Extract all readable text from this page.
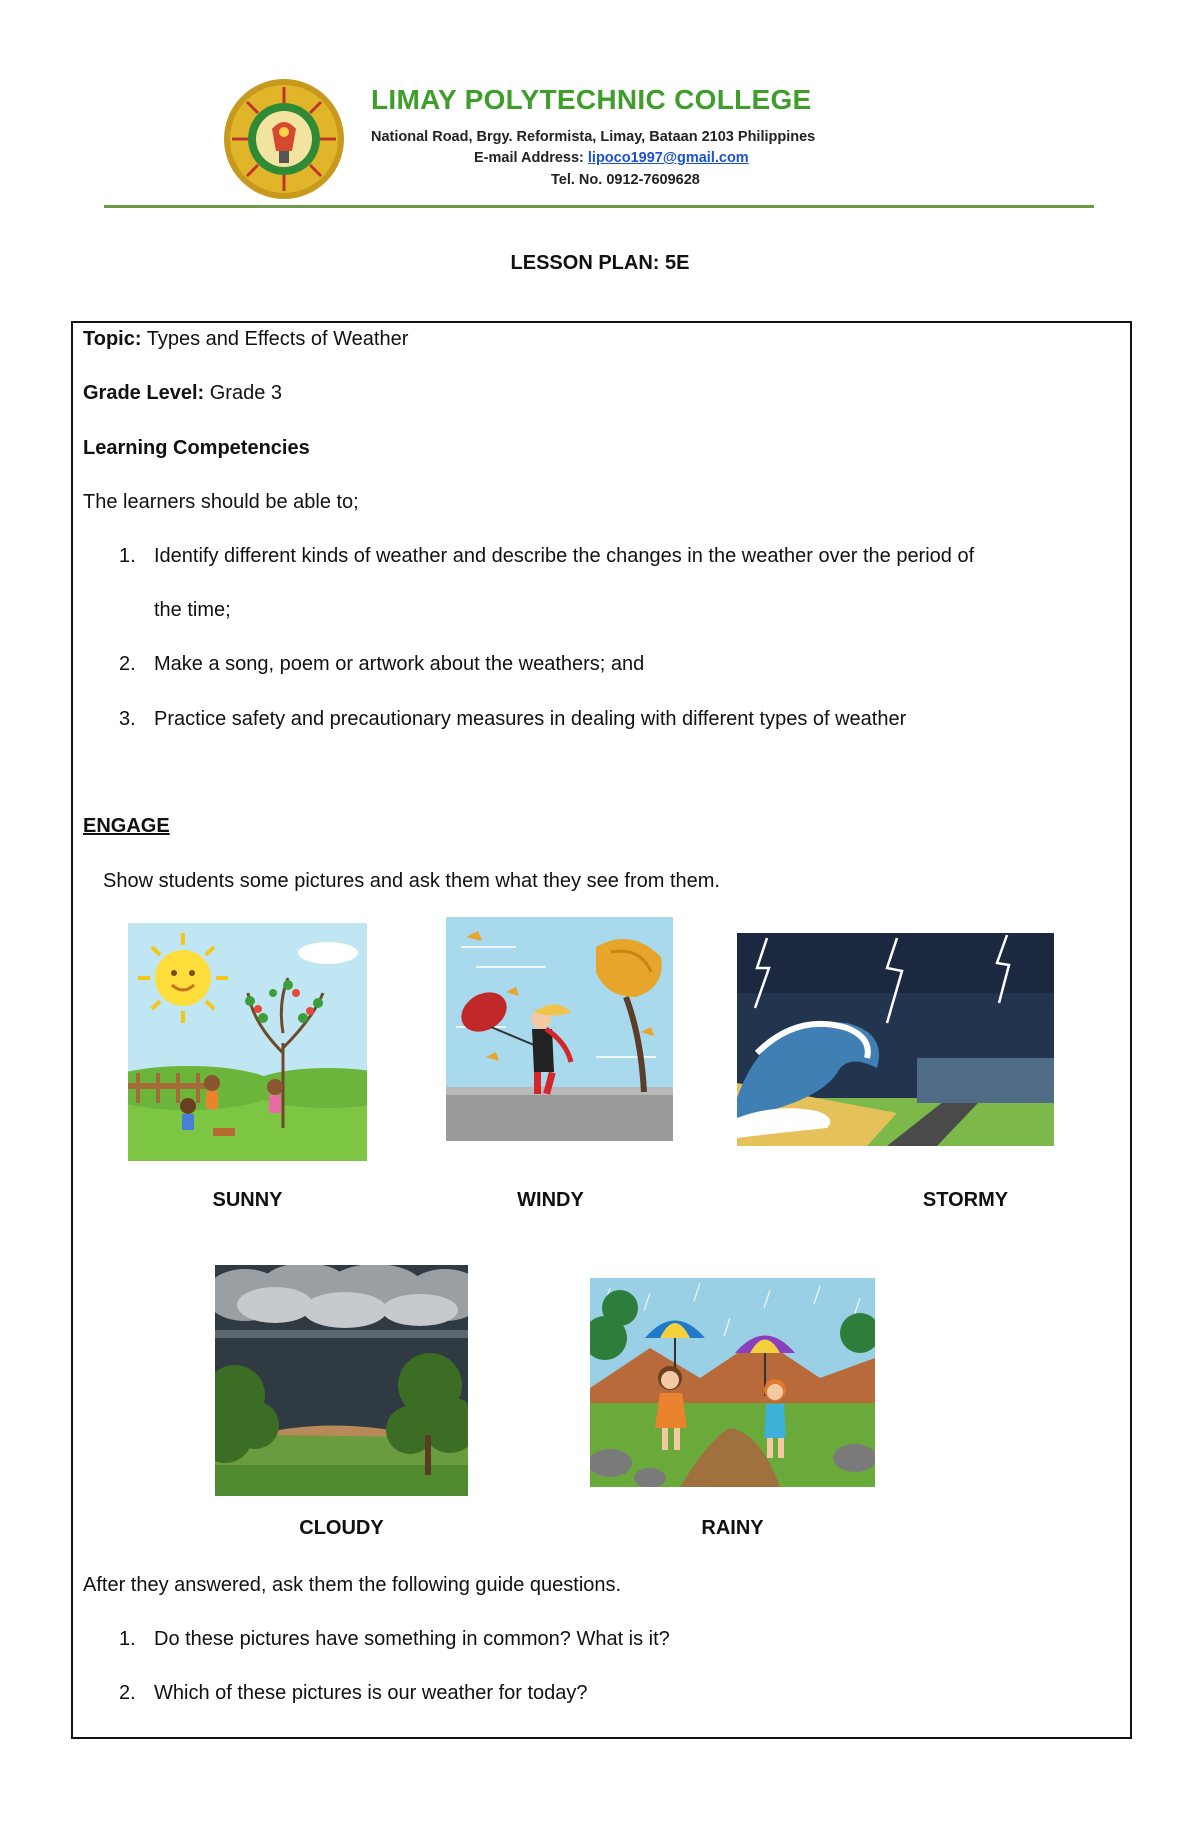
LIMAY POLYTECHNIC COLLEGE
National Road, Brgy. Reformista, Limay, Bataan 2103 Philippines
E-mail Address: lipoco1997@gmail.com
Tel. No. 0912-7609628
LESSON PLAN: 5E
Topic: Types and Effects of Weather
Grade Level: Grade 3
Learning Competencies
The learners should be able to;
1. Identify different kinds of weather and describe the changes in the weather over the period of
the time;
2. Make a song, poem or artwork about the weathers; and
3. Practice safety and precautionary measures in dealing with different types of weather
ENGAGE
Show students some pictures and ask them what they see from them.
SUNNY	WINDY	STORMY
CLOUDY	RAINY
After they answered, ask them the following guide questions.
1. Do these pictures have something in common? What is it?
2. Which of these pictures is our weather for today?
